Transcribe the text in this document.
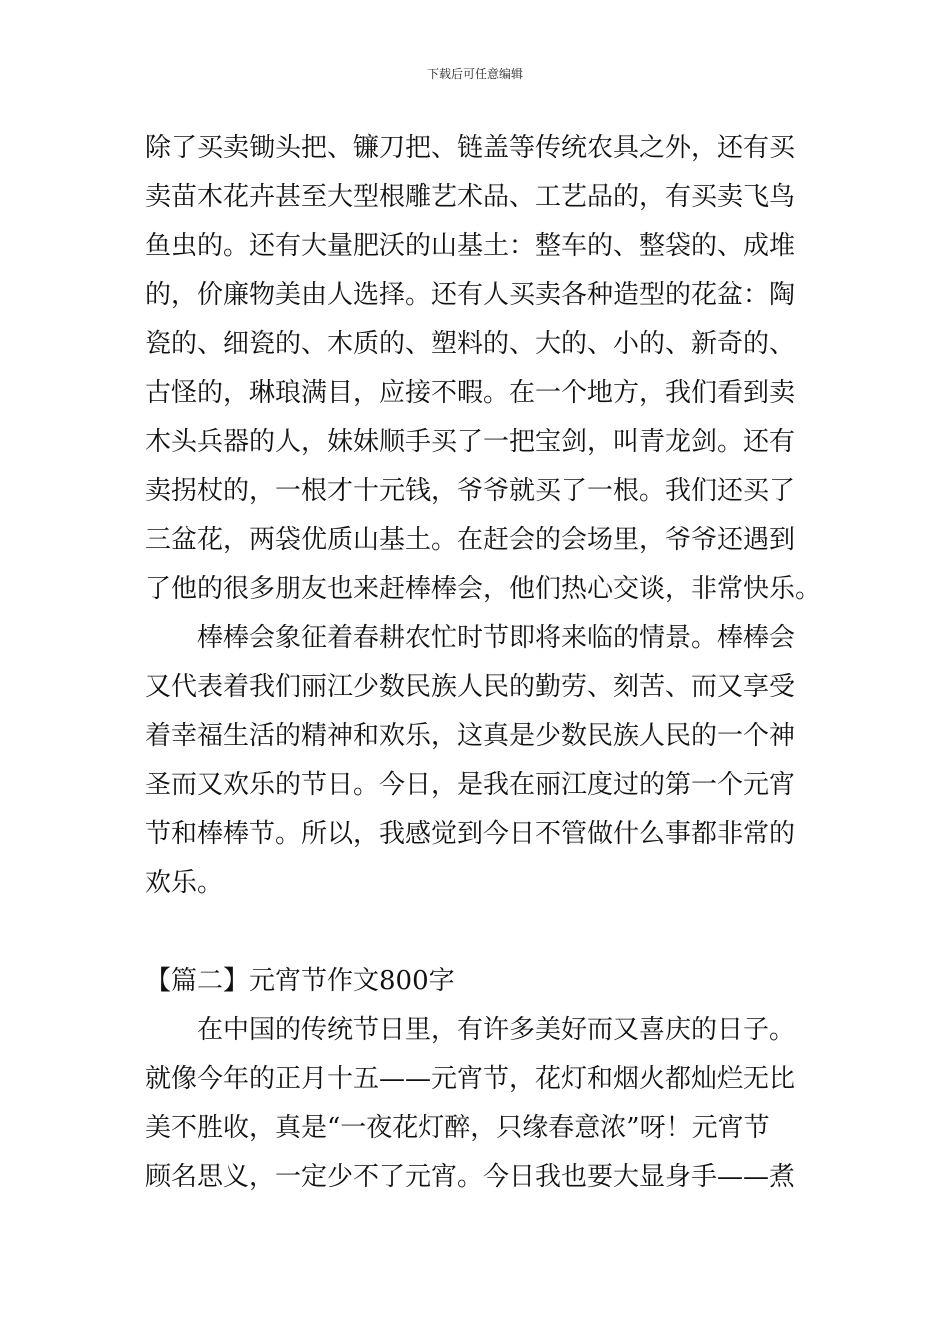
下载后可任意编辑
除了买卖锄头把、镰刀把、链盖等传统农具之外，还有买
卖苗木花卉甚至大型根雕艺术品、工艺品的，有买卖飞鸟
鱼虫的。还有大量肥沃的山基土：整车的、整袋的、成堆
的，价廉物美由人选择。还有人买卖各种造型的花盆：陶
瓷的、细瓷的、木质的、塑料的、大的、小的、新奇的、
古怪的，琳琅满目，应接不暇。在一个地方，我们看到卖
木头兵器的人，妹妹顺手买了一把宝剑，叫青龙剑。还有
卖拐杖的，一根才十元钱，爷爷就买了一根。我们还买了
三盆花，两袋优质山基土。在赶会的会场里，爷爷还遇到
了他的很多朋友也来赶棒棒会，他们热心交谈，非常快乐。
棒棒会象征着春耕农忙时节即将来临的情景。棒棒会
又代表着我们丽江少数民族人民的勤劳、刻苦、而又享受
着幸福生活的精神和欢乐，这真是少数民族人民的一个神
圣而又欢乐的节日。今日，是我在丽江度过的第一个元宵
节和棒棒节。所以，我感觉到今日不管做什么事都非常的
欢乐。
【篇二】元宵节作文800字
在中国的传统节日里，有许多美好而又喜庆的日子。
就像今年的正月十五——元宵节，花灯和烟火都灿烂无比
美不胜收，真是“一夜花灯醉，只缘春意浓”呀！元宵节
顾名思义，一定少不了元宵。今日我也要大显身手——煮
